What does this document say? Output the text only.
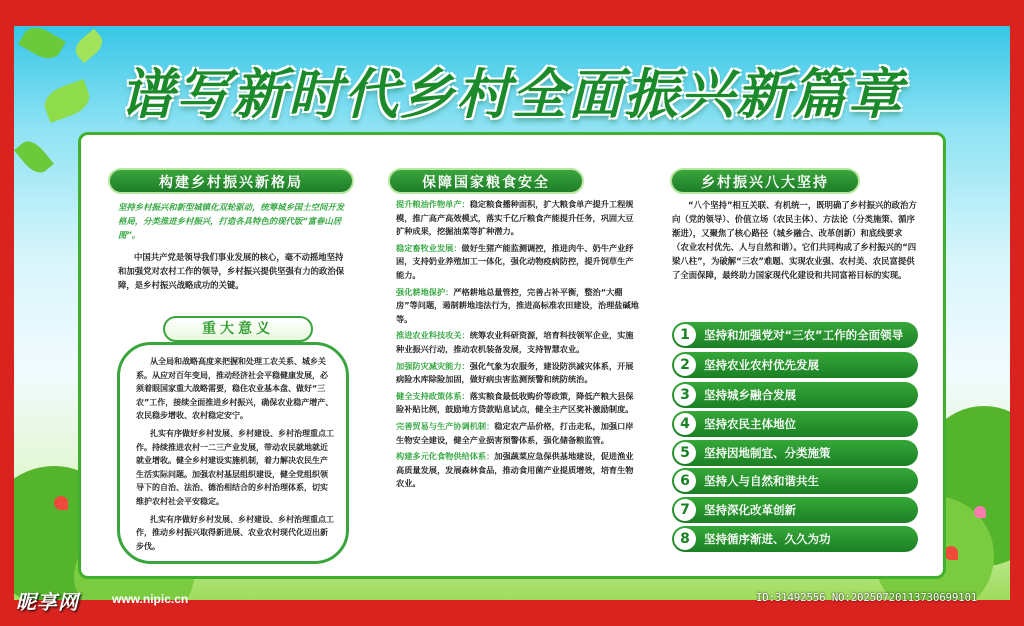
谱写新时代乡村全面振兴新篇章
构建乡村振兴新格局
坚持乡村振兴和新型城镇化双轮驱动，统筹城乡国土空间开发格局，分类推进乡村振兴，打造各具特色的现代版“富春山居图”。
中国共产党是领导我们事业发展的核心，毫不动摇地坚持和加强党对农村工作的领导，乡村振兴提供坚强有力的政治保障，是乡村振兴战略成功的关键。
重大意义

从全局和战略高度来把握和处理工农关系、城乡关系。从应对百年变局，推动经济社会平稳健康发展，必须着眼国家重大战略需要，稳住农业基本盘、做好“三农”工作，接续全面推进乡村振兴，确保农业稳产增产、农民稳步增收、农村稳定安宁。

扎实有序做好乡村发展、乡村建设、乡村治理重点工作。持续推进农村一二三产业发展，带动农民就地就近就业增收。健全乡村建设实施机制，着力解决农民生产生活实际问题。加强农村基层组织建设，健全党组织领导下的自治、法治、德治相结合的乡村治理体系，切实维护农村社会平安稳定。

扎实有序做好乡村发展、乡村建设、乡村治理重点工作，推动乡村振兴取得新进展、农业农村现代化迈出新步伐。

保障国家粮食安全
提升粮油作物单产：稳定粮食播种面积，扩大粮食单产提升工程规模，推广高产高效模式，落实千亿斤粮食产能提升任务，巩固大豆扩种成果，挖掘油菜等扩种潜力。
稳定畜牧业发展：做好生猪产能监测调控，推进肉牛、奶牛产业纾困，支持奶业养殖加工一体化，强化动物疫病防控，提升饲草生产能力。
强化耕地保护：严格耕地总量管控，完善占补平衡，整治“大棚房”等问题，遏制耕地违法行为，推进高标准农田建设，治理盐碱地等。
推进农业科技攻关：统筹农业科研资源，培育科技领军企业，实施种业振兴行动，推动农机装备发展，支持智慧农业。
加强防灾减灾能力：强化气象为农服务，建设防洪减灾体系，开展病险水库除险加固，做好病虫害监测预警和统防统治。
健全支持政策体系：落实粮食最低收购价等政策，降低产粮大县保险补贴比例，鼓励地方贷款贴息试点，健全主产区奖补激励制度。
完善贸易与生产协调机制：稳定农产品价格，打击走私，加强口岸生物安全建设，健全产业损害预警体系，强化储备粮监管。
构建多元化食物供给体系：加强蔬菜应急保供基地建设，促进渔业高质量发展，发展森林食品，推动食用菌产业提质增效，培育生物农业。
乡村振兴八大坚持
“八个坚持”相互关联、有机统一，既明确了乡村振兴的政治方向（党的领导）、价值立场（农民主体）、方法论（分类施策、循序渐进），又聚焦了核心路径（城乡融合、改革创新）和底线要求（农业农村优先、人与自然和谐）。它们共同构成了乡村振兴的“四梁八柱”，为破解“三农”难题、实现农业强、农村美、农民富提供了全面保障，最终助力国家现代化建设和共同富裕目标的实现。
1	坚持和加强党对“三农”工作的全面领导
2	坚持农业农村优先发展
3	坚持城乡融合发展
4	坚持农民主体地位
5	坚持因地制宜、分类施策
6	坚持人与自然和谐共生
7	坚持深化改革创新
8	坚持循序渐进、久久为功
昵享网	www.nipic.cn	ID:31492556 NO:20250720113730699101
